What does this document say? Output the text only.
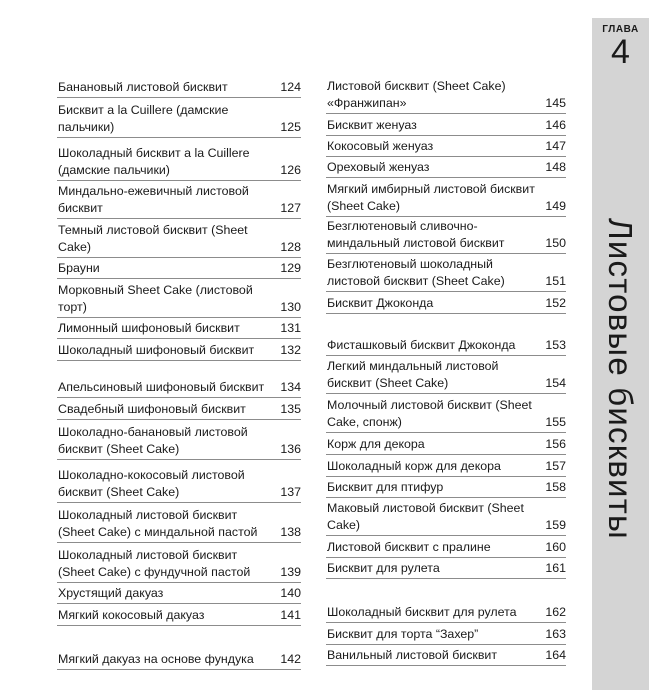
Банановый листовой бисквит	124
Бисквит a la Cuillere (дамские пальчики)	125
Шоколадный бисквит a la Cuillere (дамские пальчики)	126
Миндально-ежевичный листовой бисквит	127
Темный листовой бисквит (Sheet Cake)	128
Брауни	129
Морковный Sheet Cake (листовой торт)	130
Лимонный шифоновый бисквит	131
Шоколадный шифоновый бисквит	132
Апельсиновый шифоновый бисквит	134
Свадебный шифоновый бисквит	135
Шоколадно-банановый листовой бисквит (Sheet Cake)	136
Шоколадно-кокосовый листовой бисквит (Sheet Cake)	137
Шоколадный листовой бисквит (Sheet Cake) с миндальной пастой	138
Шоколадный листовой бисквит (Sheet Cake) с фундучной пастой	139
Хрустящий дакуаз	140
Мягкий кокосовый дакуаз	141
Мягкий дакуаз на основе фундука	142
Листовой бисквит (Sheet Cake) «Франжипан»	145
Бисквит женуаз	146
Кокосовый женуаз	147
Ореховый женуаз	148
Мягкий имбирный листовой бисквит (Sheet Cake)	149
Безглютеновый сливочно-миндальный листовой бисквит	150
Безглютеновый шоколадный листовой бисквит (Sheet Cake)	151
Бисквит Джоконда	152
Фисташковый бисквит Джоконда	153
Легкий миндальный листовой бисквит (Sheet Cake)	154
Молочный листовой бисквит (Sheet Cake, спонж)	155
Корж для декора	156
Шоколадный корж для декора	157
Бисквит для птифур	158
Маковый листовой бисквит (Sheet Cake)	159
Листовой бисквит с пралине	160
Бисквит для рулета	161
Шоколадный бисквит для рулета	162
Бисквит для торта “Захер”	163
Ванильный листовой бисквит	164
ГЛАВА
4
Листовые бисквиты
